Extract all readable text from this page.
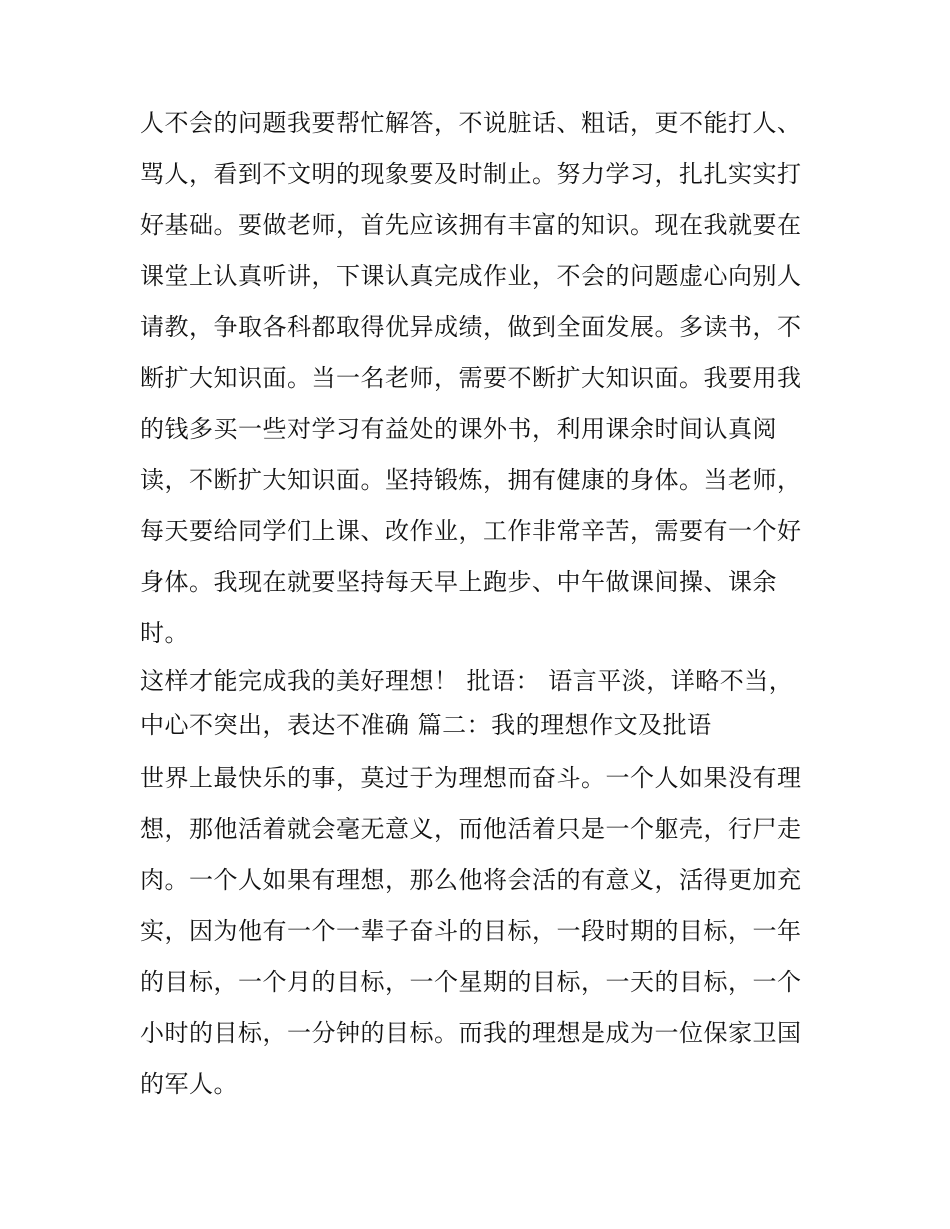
人不会的问题我要帮忙解答，不说脏话、粗话，更不能打人、
骂人，看到不文明的现象要及时制止。努力学习，扎扎实实打
好基础。要做老师，首先应该拥有丰富的知识。现在我就要在
课堂上认真听讲，下课认真完成作业，不会的问题虚心向别人
请教，争取各科都取得优异成绩，做到全面发展。多读书，不
断扩大知识面。当一名老师，需要不断扩大知识面。我要用我
的钱多买一些对学习有益处的课外书，利用课余时间认真阅
读，不断扩大知识面。坚持锻炼，拥有健康的身体。当老师，
每天要给同学们上课、改作业，工作非常辛苦，需要有一个好
身体。我现在就要坚持每天早上跑步、中午做课间操、课余
时。
这样才能完成我的美好理想！ 批语： 语言平淡，详略不当，
中心不突出，表达不准确 篇二：我的理想作文及批语
世界上最快乐的事，莫过于为理想而奋斗。一个人如果没有理
想，那他活着就会毫无意义，而他活着只是一个躯壳，行尸走
肉。一个人如果有理想，那么他将会活的有意义，活得更加充
实，因为他有一个一辈子奋斗的目标，一段时期的目标，一年
的目标，一个月的目标，一个星期的目标，一天的目标，一个
小时的目标，一分钟的目标。而我的理想是成为一位保家卫国
的军人。
